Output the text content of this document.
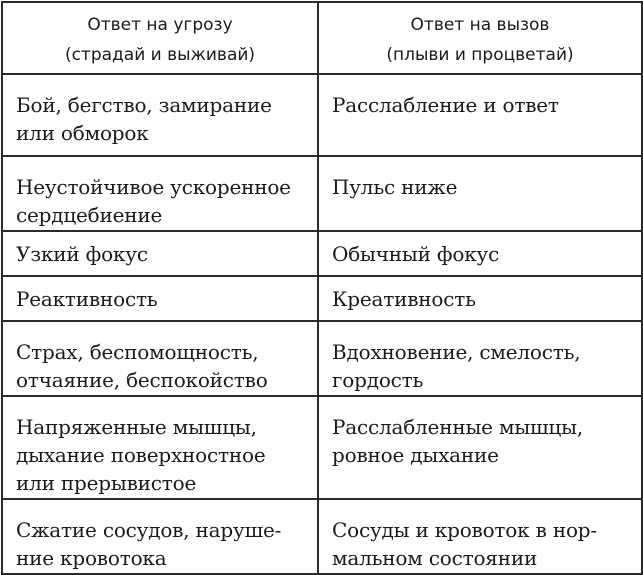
Ответ на угрозу
(страдай и выживай)	Ответ на вызов
(плыви и процветай)

Бой, бегство, замирание
или обморок	Расслабление и ответ

Неустойчивое ускоренное
сердцебиение	Пульс ниже

Узкий фокус	Обычный фокус

Реактивность	Креативность

Страх, беспомощность,
отчаяние, беспокойство	Вдохновение, смелость,
гордость

Напряженные мышцы,
дыхание поверхностное
или прерывистое	Расслабленные мышцы,
ровное дыхание

Сжатие сосудов, наруше-
ние кровотока	Сосуды и кровоток в нор-
мальном состоянии
